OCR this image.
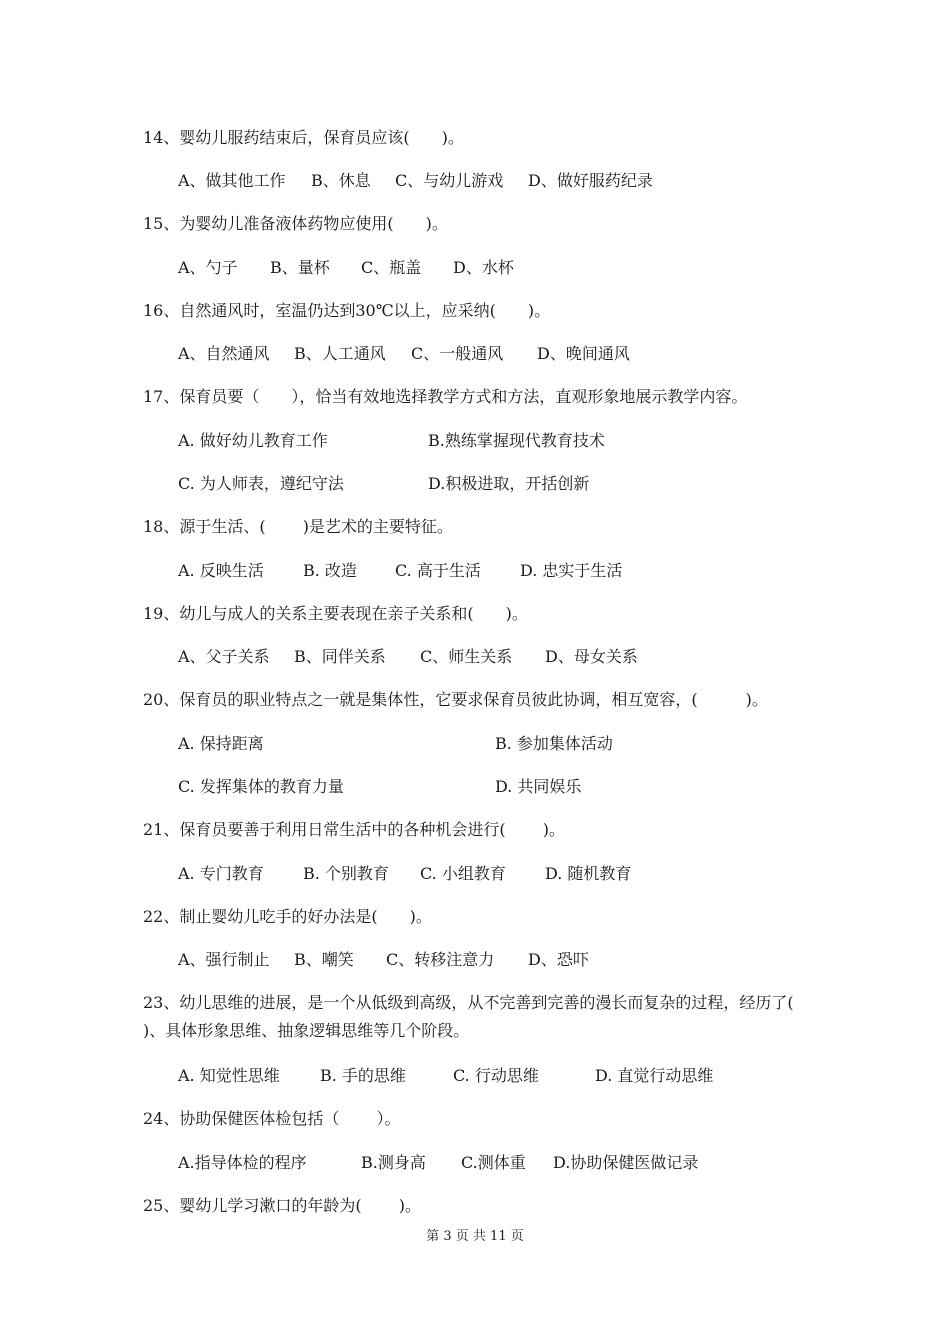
14、婴幼儿服药结束后，保育员应该(　　)。
A、做其他工作 B、休息 C、与幼儿游戏 D、做好服药纪录
15、为婴幼儿准备液体药物应使用(　　)。
A、勺子 B、量杯 C、瓶盖 D、水杯
16、自然通风时，室温仍达到30℃以上，应采纳(　　)。
A、自然通风 B、人工通风 C、一般通风 D、晚间通风
17、保育员要（　　），恰当有效地选择教学方式和方法，直观形象地展示教学内容。
A. 做好幼儿教育工作	B.熟练掌握现代教育技术
C. 为人师表，遵纪守法	D.积极进取，开括创新
18、源于生活、(　　 )是艺术的主要特征。
A. 反映生活 B. 改造 C. 高于生活 D. 忠实于生活
19、幼儿与成人的关系主要表现在亲子关系和(　　)。
A、父子关系 B、同伴关系 C、师生关系 D、母女关系
20、保育员的职业特点之一就是集体性，它要求保育员彼此协调，相互宽容，(　　　)。
A. 保持距离	B. 参加集体活动
C. 发挥集体的教育力量	D. 共同娱乐
21、保育员要善于利用日常生活中的各种机会进行(　　 )。
A. 专门教育 B. 个别教育 C. 小组教育 D. 随机教育
22、制止婴幼儿吃手的好办法是(　　)。
A、强行制止 B、嘲笑 C、转移注意力 D、恐吓
23、幼儿思维的进展，是一个从低级到高级，从不完善到完善的漫长而复杂的过程，经历了(　　 )、具体形象思维、抽象逻辑思维等几个阶段。
A. 知觉性思维	B. 手的思维	C. 行动思维	D. 直觉行动思维
24、协助保健医体检包括（　　 ）。
A.指导体检的程序	B.测身高 C.测体重 D.协助保健医做记录
25、婴幼儿学习漱口的年龄为(　　 )。
第 3 页 共 11 页
